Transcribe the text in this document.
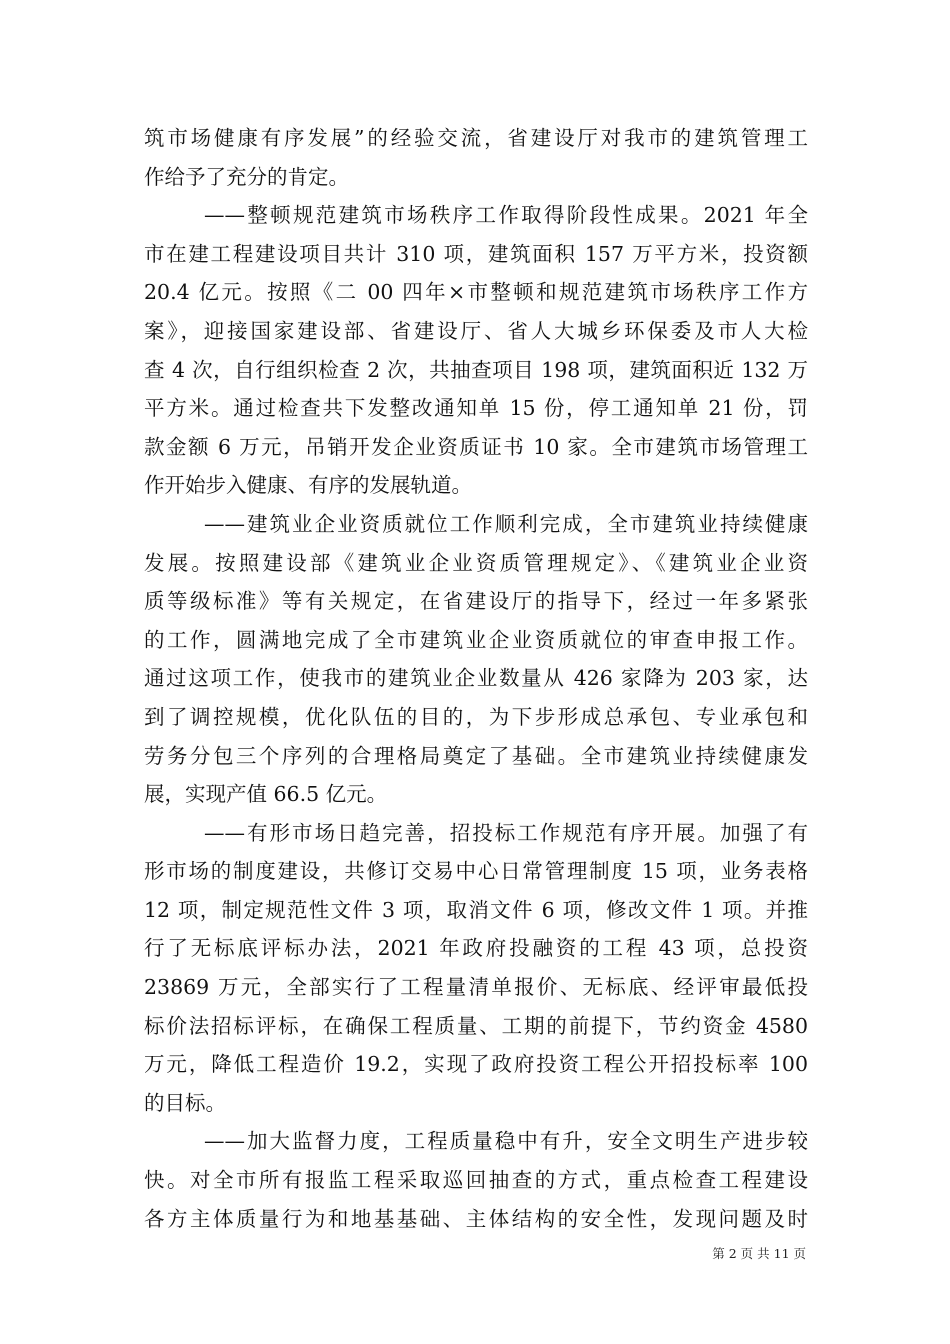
筑市场健康有序发展”的经验交流，省建设厅对我市的建筑管理工
作给予了充分的肯定。
——整顿规范建筑市场秩序工作取得阶段性成果。2021 年全
市在建工程建设项目共计 310 项，建筑面积 157 万平方米，投资额
20.4 亿元。按照《二 00 四年×市整顿和规范建筑市场秩序工作方
案》，迎接国家建设部、省建设厅、省人大城乡环保委及市人大检
查 4 次，自行组织检查 2 次，共抽查项目 198 项，建筑面积近 132 万
平方米。通过检查共下发整改通知单 15 份，停工通知单 21 份，罚
款金额 6 万元，吊销开发企业资质证书 10 家。全市建筑市场管理工
作开始步入健康、有序的发展轨道。
——建筑业企业资质就位工作顺利完成，全市建筑业持续健康
发展。按照建设部《建筑业企业资质管理规定》、《建筑业企业资
质等级标准》等有关规定，在省建设厅的指导下，经过一年多紧张
的工作，圆满地完成了全市建筑业企业资质就位的审查申报工作。
通过这项工作，使我市的建筑业企业数量从 426 家降为 203 家，达
到了调控规模，优化队伍的目的，为下步形成总承包、专业承包和
劳务分包三个序列的合理格局奠定了基础。全市建筑业持续健康发
展，实现产值 66.5 亿元。
——有形市场日趋完善，招投标工作规范有序开展。加强了有
形市场的制度建设，共修订交易中心日常管理制度 15 项，业务表格
12 项，制定规范性文件 3 项，取消文件 6 项，修改文件 1 项。并推
行了无标底评标办法，2021 年政府投融资的工程 43 项，总投资
23869 万元，全部实行了工程量清单报价、无标底、经评审最低投
标价法招标评标，在确保工程质量、工期的前提下，节约资金 4580
万元，降低工程造价 19.2，实现了政府投资工程公开招投标率 100
的目标。
——加大监督力度，工程质量稳中有升，安全文明生产进步较
快。对全市所有报监工程采取巡回抽查的方式，重点检查工程建设
各方主体质量行为和地基基础、主体结构的安全性，发现问题及时
第 2 页 共 11 页
